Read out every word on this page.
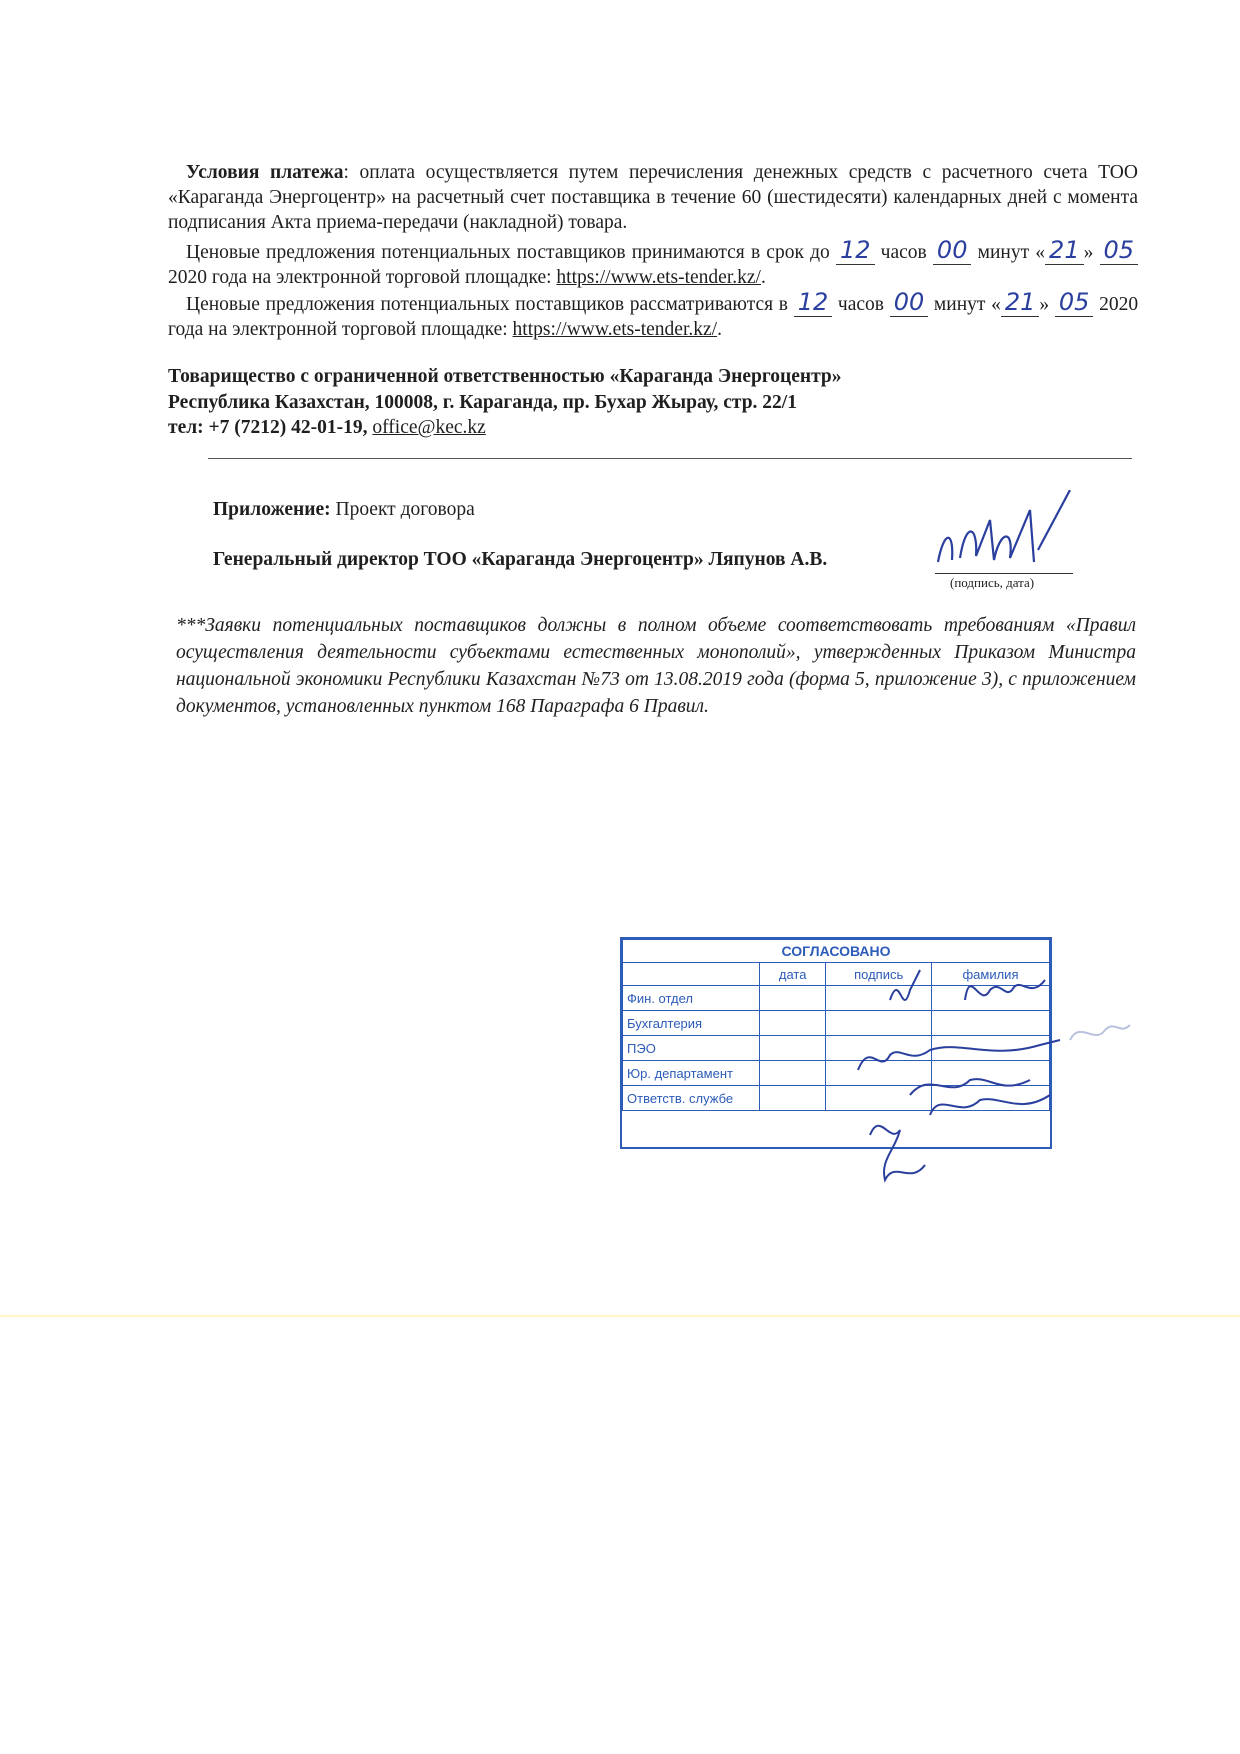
Условия платежа: оплата осуществляется путем перечисления денежных средств с расчетного счета ТОО «Караганда Энергоцентр» на расчетный счет поставщика в течение 60 (шестидесяти) календарных дней с момента подписания Акта приема-передачи (накладной) товара.
Ценовые предложения потенциальных поставщиков принимаются в срок до 12 часов 00 минут « 21 » 05 2020 года на электронной торговой площадке: https://www.ets-tender.kz/.
Ценовые предложения потенциальных поставщиков рассматриваются в 12 часов 00 минут « 21 » 05 2020 года на электронной торговой площадке: https://www.ets-tender.kz/.
Товарищество с ограниченной ответственностью «Караганда Энергоцентр»
Республика Казахстан, 100008, г. Караганда, пр. Бухар Жырау, стр. 22/1
тел: +7 (7212) 42-01-19, office@kec.kz
Приложение: Проект договора
Генеральный директор ТОО «Караганда Энергоцентр» Ляпунов А.В.
(подпись, дата)
***Заявки потенциальных поставщиков должны в полном объеме соответствовать требованиям «Правил осуществления деятельности субъектами естественных монополий», утвержденных Приказом Министра национальной экономики Республики Казахстан №73 от 13.08.2019 года (форма 5, приложение 3), с приложением документов, установленных пунктом 168 Параграфа 6 Правил.
СОГЛАСОВАНО			
	дата	подпись	фамилия
Фин. отдел			
Бухгалтерия			
ПЭО			
Юр. департамент			
Ответств. службе			
